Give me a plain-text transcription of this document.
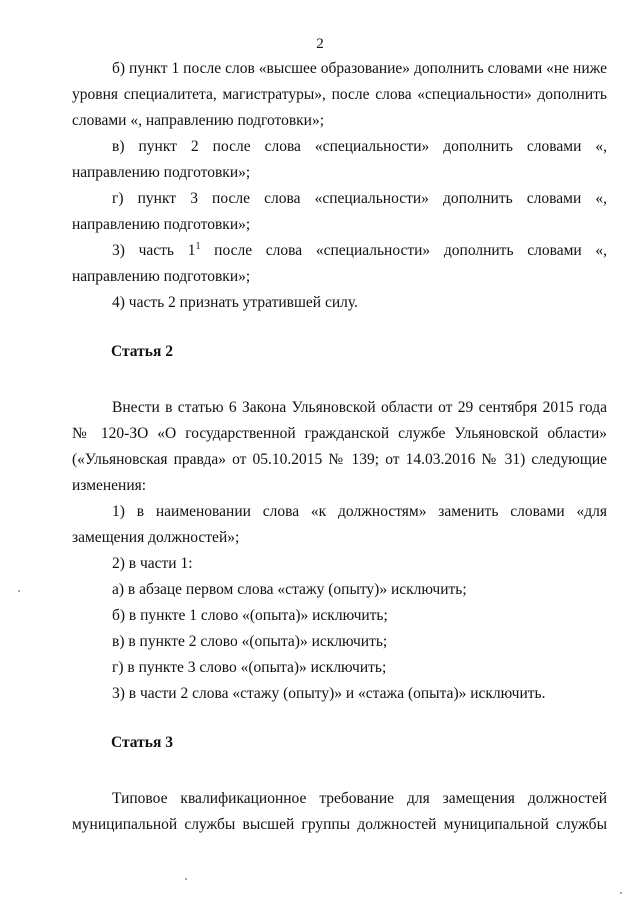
2

б) пункт 1 после слов «высшее образование» дополнить словами «не ниже уровня специалитета, магистратуры», после слова «специальности» дополнить словами «, направлению подготовки»;

в) пункт 2 после слова «специальности» дополнить словами «, направлению подготовки»;

г) пункт 3 после слова «специальности» дополнить словами «, направлению подготовки»;

3) часть $1^1$ после слова «специальности» дополнить словами «, направлению подготовки»;

4) часть 2 признать утратившей силу.

Статья 2

Внести в статью 6 Закона Ульяновской области от 29 сентября 2015 года № 120-ЗО «О государственной гражданской службе Ульяновской области» («Ульяновская правда» от 05.10.2015 № 139; от 14.03.2016 № 31) следующие изменения:

1) в наименовании слова «к должностям» заменить словами «для замещения должностей»;

2) в части 1:

а) в абзаце первом слова «стажу (опыту)» исключить;

б) в пункте 1 слово «(опыта)» исключить;

в) в пункте 2 слово «(опыта)» исключить;

г) в пункте 3 слово «(опыта)» исключить;

3) в части 2 слова «стажу (опыту)» и «стажа (опыта)» исключить.

Статья 3

Типовое квалификационное требование для замещения должностей муниципальной службы высшей группы должностей муниципальной службы
